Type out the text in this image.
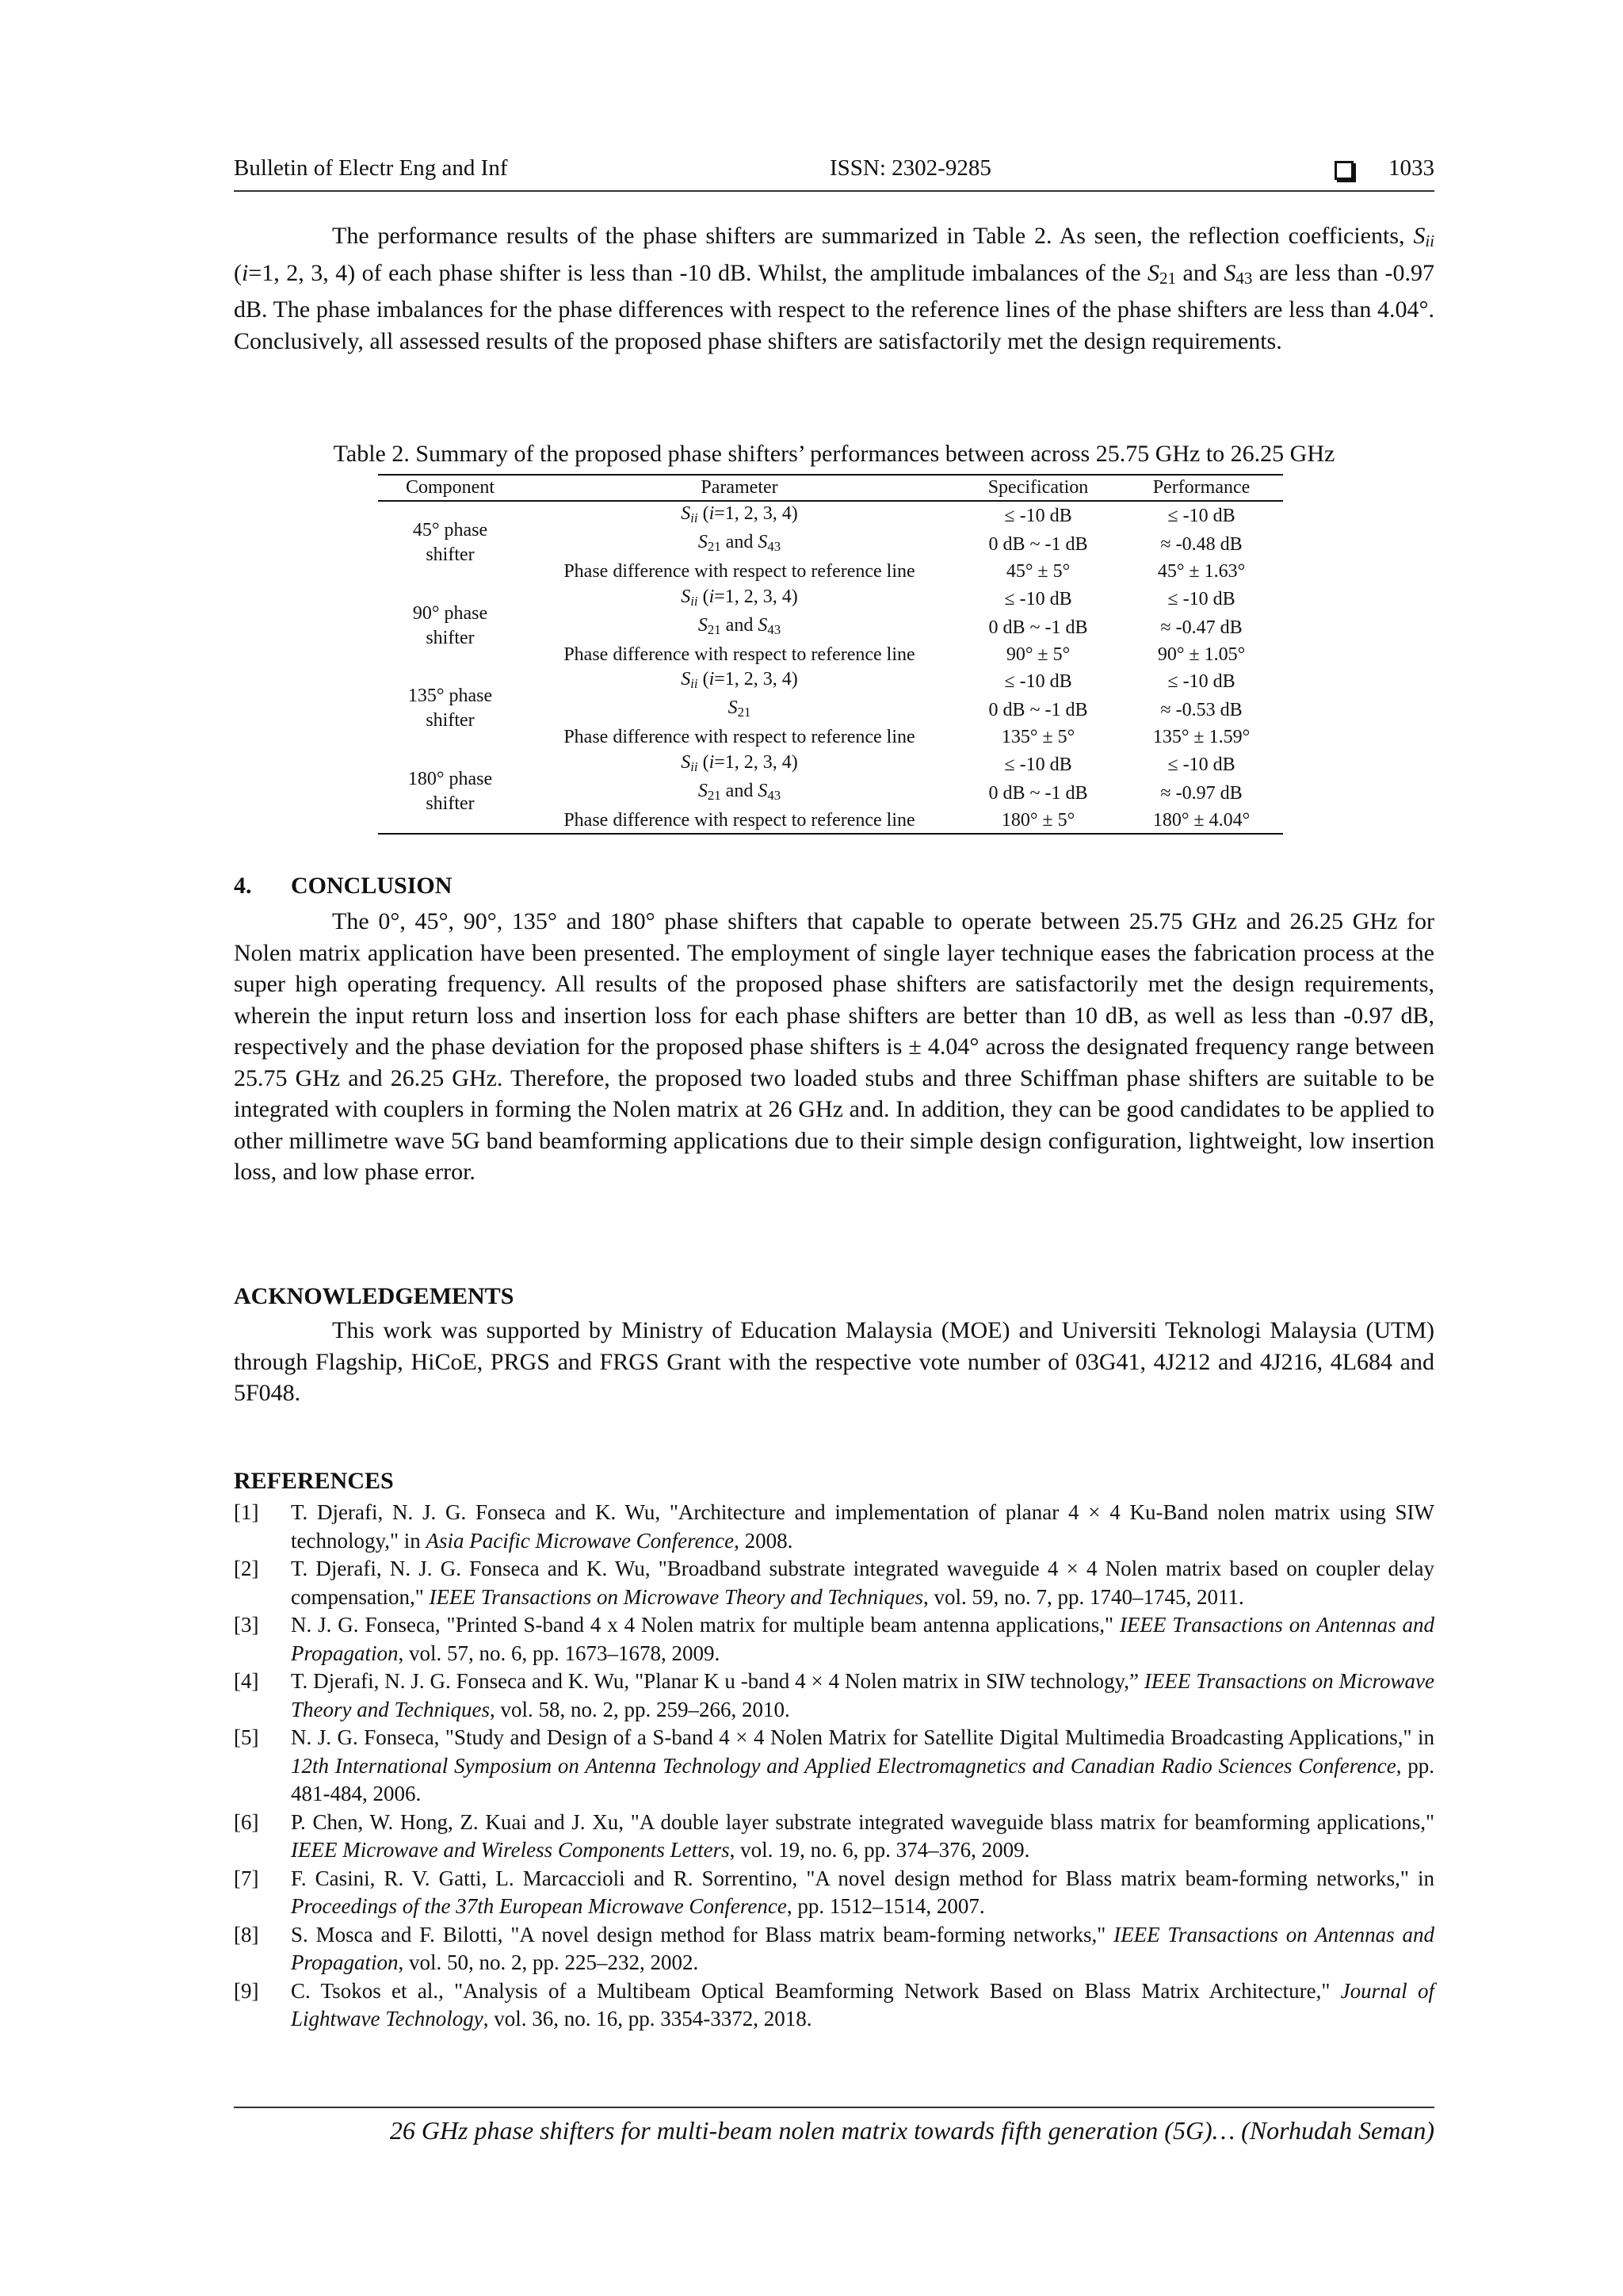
Bulletin of Electr Eng and Inf	ISSN: 2302-9285	1033

The performance results of the phase shifters are summarized in Table 2. As seen, the reflection coefficients, $S_{ii}$ (i=1, 2, 3, 4) of each phase shifter is less than -10 dB. Whilst, the amplitude imbalances of the $S_{21}$ and $S_{43}$ are less than -0.97 dB. The phase imbalances for the phase differences with respect to the reference lines of the phase shifters are less than 4.04°. Conclusively, all assessed results of the proposed phase shifters are satisfactorily met the design requirements.

Table 2. Summary of the proposed phase shifters’ performances between across 25.75 GHz to 26.25 GHz
Component	Parameter	Specification	Performance

45° phase
shifter	$S_{ii}$ (i=1, 2, 3, 4)	≤ -10 dB	≤ -10 dB
	$S_{21}$ and $S_{43}$	0 dB ~ -1 dB	≈ -0.48 dB
	Phase difference with respect to reference line	45° ± 5°	45° ± 1.63°

90° phase
shifter	$S_{ii}$ (i=1, 2, 3, 4)	≤ -10 dB	≤ -10 dB
	$S_{21}$ and $S_{43}$	0 dB ~ -1 dB	≈ -0.47 dB
	Phase difference with respect to reference line	90° ± 5°	90° ± 1.05°

135° phase
shifter	$S_{ii}$ (i=1, 2, 3, 4)	≤ -10 dB	≤ -10 dB
	$S_{21}$	0 dB ~ -1 dB	≈ -0.53 dB
	Phase difference with respect to reference line	135° ± 5°	135° ± 1.59°

180° phase
shifter	$S_{ii}$ (i=1, 2, 3, 4)	≤ -10 dB	≤ -10 dB
	$S_{21}$ and $S_{43}$	0 dB ~ -1 dB	≈ -0.97 dB
	Phase difference with respect to reference line	180° ± 5°	180° ± 4.04°
4. CONCLUSION

The 0°, 45°, 90°, 135° and 180° phase shifters that capable to operate between 25.75 GHz and 26.25 GHz for Nolen matrix application have been presented. The employment of single layer technique eases the fabrication process at the super high operating frequency. All results of the proposed phase shifters are satisfactorily met the design requirements, wherein the input return loss and insertion loss for each phase shifters are better than 10 dB, as well as less than -0.97 dB, respectively and the phase deviation for the proposed phase shifters is ± 4.04° across the designated frequency range between 25.75 GHz and 26.25 GHz. Therefore, the proposed two loaded stubs and three Schiffman phase shifters are suitable to be integrated with couplers in forming the Nolen matrix at 26 GHz and. In addition, they can be good candidates to be applied to other millimetre wave 5G band beamforming applications due to their simple design configuration, lightweight, low insertion loss, and low phase error.

ACKNOWLEDGEMENTS

This work was supported by Ministry of Education Malaysia (MOE) and Universiti Teknologi Malaysia (UTM) through Flagship, HiCoE, PRGS and FRGS Grant with the respective vote number of 03G41, 4J212 and 4J216, 4L684 and 5F048.

REFERENCES
[1]	T. Djerafi, N. J. G. Fonseca and K. Wu, "Architecture and implementation of planar 4 × 4 Ku-Band nolen matrix using SIW technology," in Asia Pacific Microwave Conference, 2008.
[2]	T. Djerafi, N. J. G. Fonseca and K. Wu, "Broadband substrate integrated waveguide 4 × 4 Nolen matrix based on coupler delay compensation," IEEE Transactions on Microwave Theory and Techniques, vol. 59, no. 7, pp. 1740–1745, 2011.
[3]	N. J. G. Fonseca, "Printed S-band 4 x 4 Nolen matrix for multiple beam antenna applications," IEEE Transactions on Antennas and Propagation, vol. 57, no. 6, pp. 1673–1678, 2009.
[4]	T. Djerafi, N. J. G. Fonseca and K. Wu, "Planar K u -band 4 × 4 Nolen matrix in SIW technology,” IEEE Transactions on Microwave Theory and Techniques, vol. 58, no. 2, pp. 259–266, 2010.
[5]	N. J. G. Fonseca, "Study and Design of a S-band 4 × 4 Nolen Matrix for Satellite Digital Multimedia Broadcasting Applications," in 12th International Symposium on Antenna Technology and Applied Electromagnetics and Canadian Radio Sciences Conference, pp. 481-484, 2006.
[6]	P. Chen, W. Hong, Z. Kuai and J. Xu, "A double layer substrate integrated waveguide blass matrix for beamforming applications," IEEE Microwave and Wireless Components Letters, vol. 19, no. 6, pp. 374–376, 2009.
[7]	F. Casini, R. V. Gatti, L. Marcaccioli and R. Sorrentino, "A novel design method for Blass matrix beam-forming networks," in Proceedings of the 37th European Microwave Conference, pp. 1512–1514, 2007.
[8]	S. Mosca and F. Bilotti, "A novel design method for Blass matrix beam-forming networks," IEEE Transactions on Antennas and Propagation, vol. 50, no. 2, pp. 225–232, 2002.
[9]	C. Tsokos et al., "Analysis of a Multibeam Optical Beamforming Network Based on Blass Matrix Architecture," Journal of Lightwave Technology, vol. 36, no. 16, pp. 3354-3372, 2018.
26 GHz phase shifters for multi-beam nolen matrix towards fifth generation (5G)… (Norhudah Seman)
